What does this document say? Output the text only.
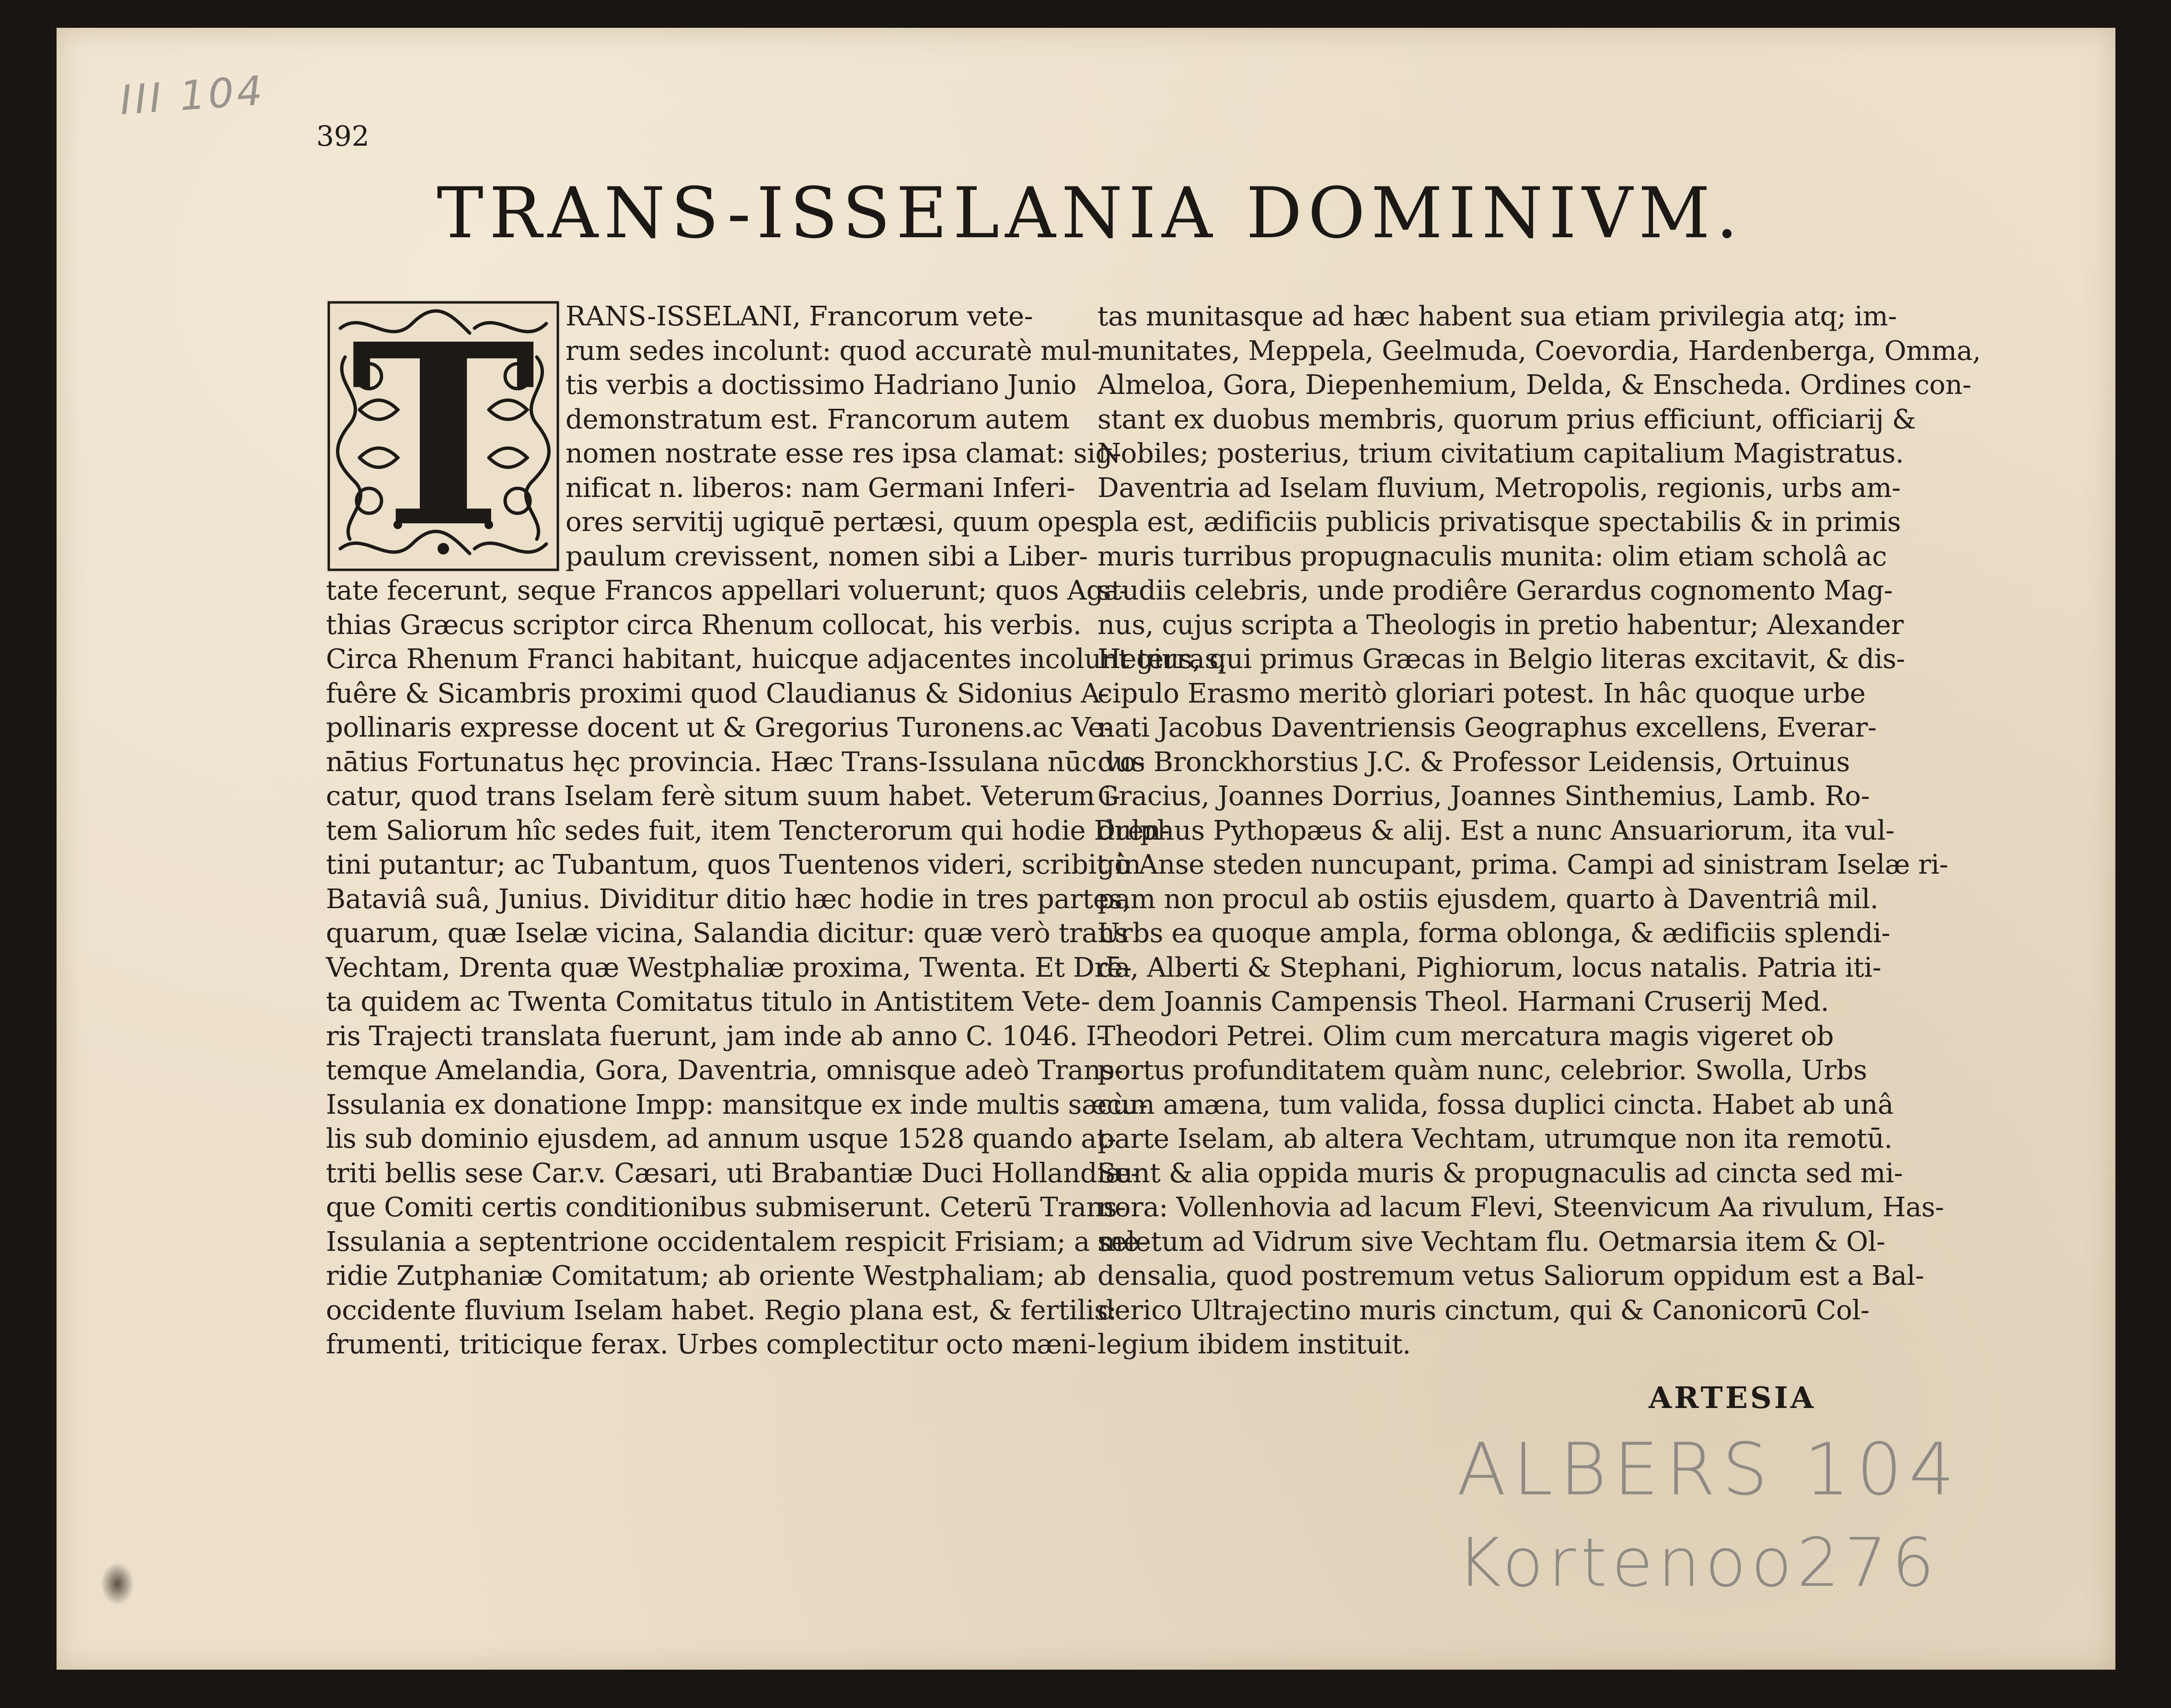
III 104
392
TRANS-ISSELANIA DOMINIVM.
RANS-ISSELANI, Francorum vete-
rum sedes incolunt: quod accuratè mul-
tis verbis a doctissimo Hadriano Junio
demonstratum est. Francorum autem
nomen nostrate esse res ipsa clamat: sig-
nificat n. liberos: nam Germani Inferi-
ores servitij ugiquē pertæsi, quum opes
paulum crevissent, nomen sibi a Liber-
tate fecerunt, seque Francos appellari voluerunt; quos Aga-
thias Græcus scriptor circa Rhenum collocat, his verbis.
Circa Rhenum Franci habitant, huicque adjacentes incolunt terras,
fuêre & Sicambris proximi quod Claudianus & Sidonius A-
pollinaris expresse docent ut & Gregorius Turonens.ac Ve-
nātius Fortunatus hęc provincia. Hæc Trans-Issulana nūc vo-
catur, quod trans Iselam ferè situm suum habet. Veterum i-
tem Saliorum hîc sedes fuit, item Tencterorum qui hodie Dren-
tini putantur; ac Tubantum, quos Tuentenos videri, scribit in
Bataviâ suâ, Junius. Dividitur ditio hæc hodie in tres partes,
quarum, quæ Iselæ vicina, Salandia dicitur: quæ verò trans
Vechtam, Drenta quæ Westphaliæ proxima, Twenta. Et Drē-
ta quidem ac Twenta Comitatus titulo in Antistitem Vete-
ris Trajecti translata fuerunt, jam inde ab anno C. 1046. I-
temque Amelandia, Gora, Daventria, omnisque adeò Trans-
Issulania ex donatione Impp: mansitque ex inde multis sæcu-
lis sub dominio ejusdem, ad annum usque 1528 quando at-
triti bellis sese Car.v. Cæsari, uti Brabantiæ Duci Hollandiæ-
que Comiti certis conditionibus submiserunt. Ceterū Trans-
Issulania a septentrione occidentalem respicit Frisiam; a me-
ridie Zutphaniæ Comitatum; ab oriente Westphaliam; ab
occidente fluvium Iselam habet. Regio plana est, & fertilis:
frumenti, triticique ferax. Urbes complectitur octo mæni-
T	tas munitasque ad hæc habent sua etiam privilegia atq; im-
munitates, Meppela, Geelmuda, Coevordia, Hardenberga, Omma,
Almeloa, Gora, Diepenhemium, Delda, & Enscheda. Ordines con-
stant ex duobus membris, quorum prius efficiunt, officiarij &
Nobiles; posterius, trium civitatium capitalium Magistratus.
Daventria ad Iselam fluvium, Metropolis, regionis, urbs am-
pla est, ædificiis publicis privatisque spectabilis & in primis
muris turribus propugnaculis munita: olim etiam scholâ ac
studiis celebris, unde prodiêre Gerardus cognomento Mag-
nus, cujus scripta a Theologis in pretio habentur; Alexander
Hegius, qui primus Græcas in Belgio literas excitavit, & dis-
cipulo Erasmo meritò gloriari potest. In hâc quoque urbe
nati Jacobus Daventriensis Geographus excellens, Everar-
dus Bronckhorstius J.C. & Professor Leidensis, Ortuinus
Gracius, Joannes Dorrius, Joannes Sinthemius, Lamb. Ro-
dulphus Pythopæus & alij. Est a nunc Ansuariorum, ita vul-
gò Anse steden nuncupant, prima. Campi ad sinistram Iselæ ri-
pam non procul ab ostiis ejusdem, quarto à Daventriâ mil.
Urbs ea quoque ampla, forma oblonga, & ædificiis splendi-
da, Alberti & Stephani, Pighiorum, locus natalis. Patria iti-
dem Joannis Campensis Theol. Harmani Cruserij Med.
Theodori Petrei. Olim cum mercatura magis vigeret ob
portus profunditatem quàm nunc, celebrior. Swolla, Urbs
cùm amæna, tum valida, fossa duplici cincta. Habet ab unâ
parte Iselam, ab altera Vechtam, utrumque non ita remotū.
Sunt & alia oppida muris & propugnaculis ad cincta sed mi-
nora: Vollenhovia ad lacum Flevi, Steenvicum Aa rivulum, Has-
seletum ad Vidrum sive Vechtam flu. Oetmarsia item & Ol-
densalia, quod postremum vetus Saliorum oppidum est a Bal-
derico Ultrajectino muris cinctum, qui & Canonicorū Col-
legium ibidem instituit.
ARTESIA
ALBERS 104
Kortenoo276
